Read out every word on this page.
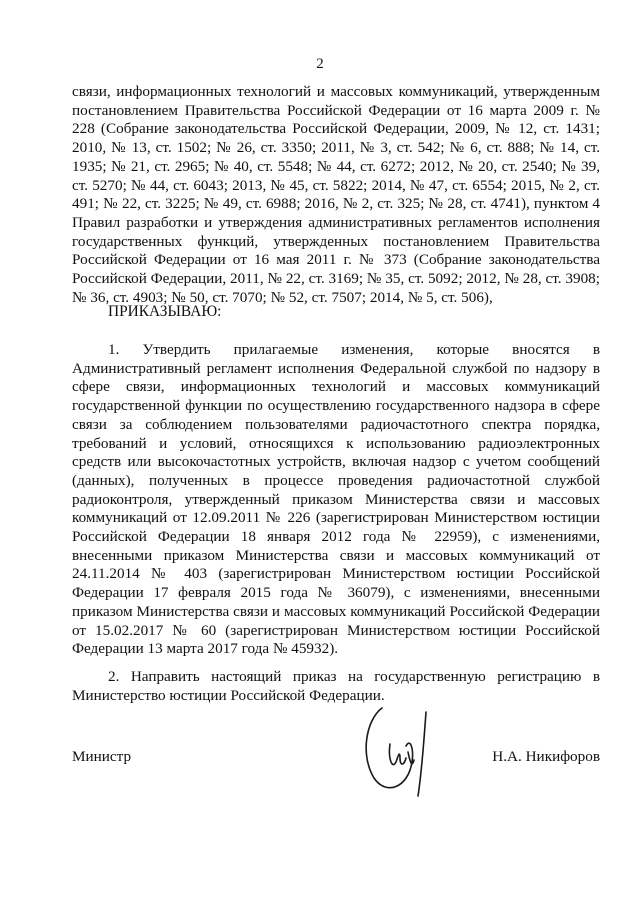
2
связи, информационных технологий и массовых коммуникаций, утвержденным постановлением Правительства Российской Федерации от 16 марта 2009 г. № 228 (Собрание законодательства Российской Федерации, 2009, № 12, ст. 1431; 2010, № 13, ст. 1502; № 26, ст. 3350; 2011, № 3, ст. 542; № 6, ст. 888; № 14, ст. 1935; № 21, ст. 2965; № 40, ст. 5548; № 44, ст. 6272; 2012, № 20, ст. 2540; № 39, ст. 5270; № 44, ст. 6043; 2013, № 45, ст. 5822; 2014, № 47, ст. 6554; 2015, № 2, ст. 491; № 22, ст. 3225; № 49, ст. 6988; 2016, № 2, ст. 325; № 28, ст. 4741), пунктом 4 Правил разработки и утверждения административных регламентов исполнения государственных функций, утвержденных постановлением Правительства Российской Федерации от 16 мая 2011 г. № 373 (Собрание законодательства Российской Федерации, 2011, № 22, ст. 3169; № 35, ст. 5092; 2012, № 28, ст. 3908; № 36, ст. 4903; № 50, ст. 7070; № 52, ст. 7507; 2014, № 5, ст. 506),
ПРИКАЗЫВАЮ:
1. Утвердить прилагаемые изменения, которые вносятся в Административный регламент исполнения Федеральной службой по надзору в сфере связи, информационных технологий и массовых коммуникаций государственной функции по осуществлению государственного надзора в сфере связи за соблюдением пользователями радиочастотного спектра порядка, требований и условий, относящихся к использованию радиоэлектронных средств или высокочастотных устройств, включая надзор с учетом сообщений (данных), полученных в процессе проведения радиочастотной службой радиоконтроля, утвержденный приказом Министерства связи и массовых коммуникаций от 12.09.2011 № 226 (зарегистрирован Министерством юстиции Российской Федерации 18 января 2012 года № 22959), с изменениями, внесенными приказом Министерства связи и массовых коммуникаций от 24.11.2014 № 403 (зарегистрирован Министерством юстиции Российской Федерации 17 февраля 2015 года № 36079), с изменениями, внесенными приказом Министерства связи и массовых коммуникаций Российской Федерации от 15.02.2017 № 60 (зарегистрирован Министерством юстиции Российской Федерации 13 марта 2017 года № 45932).
2. Направить настоящий приказ на государственную регистрацию в Министерство юстиции Российской Федерации.
Министр	Н.А. Никифоров
